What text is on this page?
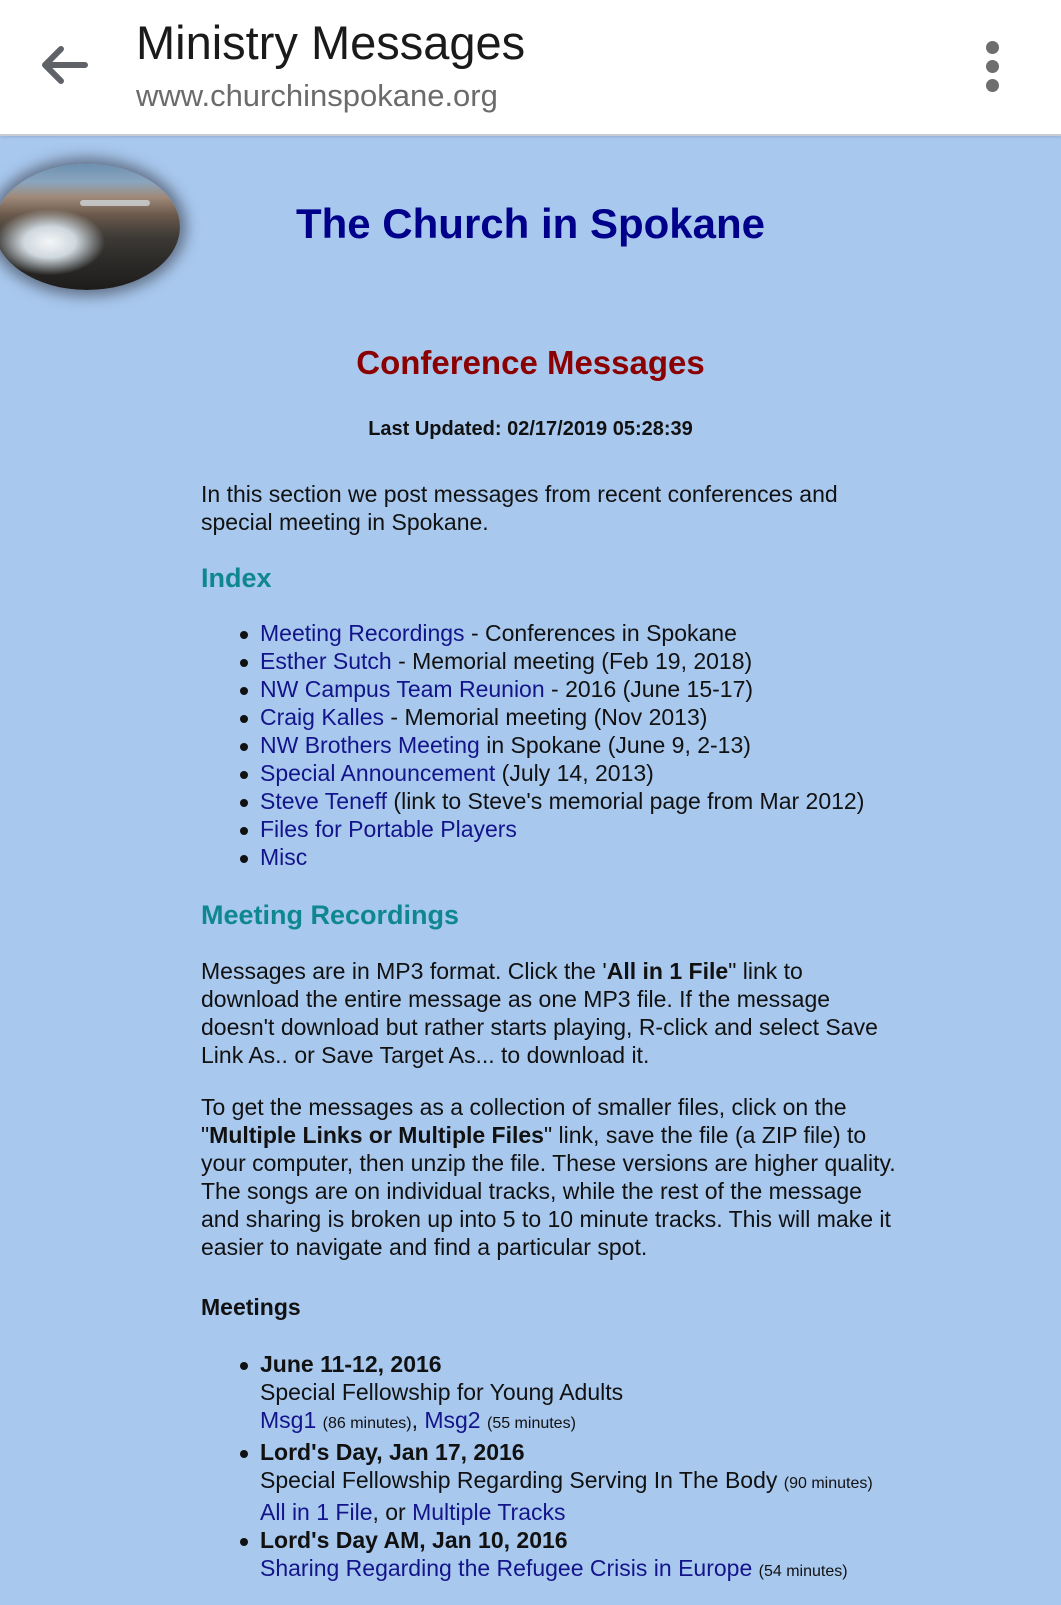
Ministry Messages
www.churchinspokane.org
The Church in Spokane
Conference Messages
Last Updated: 02/17/2019 05:28:39

In this section we post messages from recent conferences and special meeting in Spokane.

Index
Meeting Recordings - Conferences in Spokane
Esther Sutch - Memorial meeting (Feb 19, 2018)
NW Campus Team Reunion - 2016 (June 15-17)
Craig Kalles - Memorial meeting (Nov 2013)
NW Brothers Meeting in Spokane (June 9, 2-13)
Special Announcement (July 14, 2013)
Steve Teneff (link to Steve's memorial page from Mar 2012)
Files for Portable Players
Misc
Meeting Recordings

Messages are in MP3 format. Click the 'All in 1 File" link to download the entire message as one MP3 file. If the message doesn't download but rather starts playing, R-click and select Save Link As.. or Save Target As... to download it.

To get the messages as a collection of smaller files, click on the "Multiple Links or Multiple Files" link, save the file (a ZIP file) to your computer, then unzip the file. These versions are higher quality. The songs are on individual tracks, while the rest of the message and sharing is broken up into 5 to 10 minute tracks. This will make it easier to navigate and find a particular spot.

Meetings
June 11-12, 2016
Special Fellowship for Young Adults
Msg1 (86 minutes), Msg2 (55 minutes)
Lord's Day, Jan 17, 2016
Special Fellowship Regarding Serving In The Body (90 minutes)
All in 1 File, or Multiple Tracks
Lord's Day AM, Jan 10, 2016
Sharing Regarding the Refugee Crisis in Europe (54 minutes)
